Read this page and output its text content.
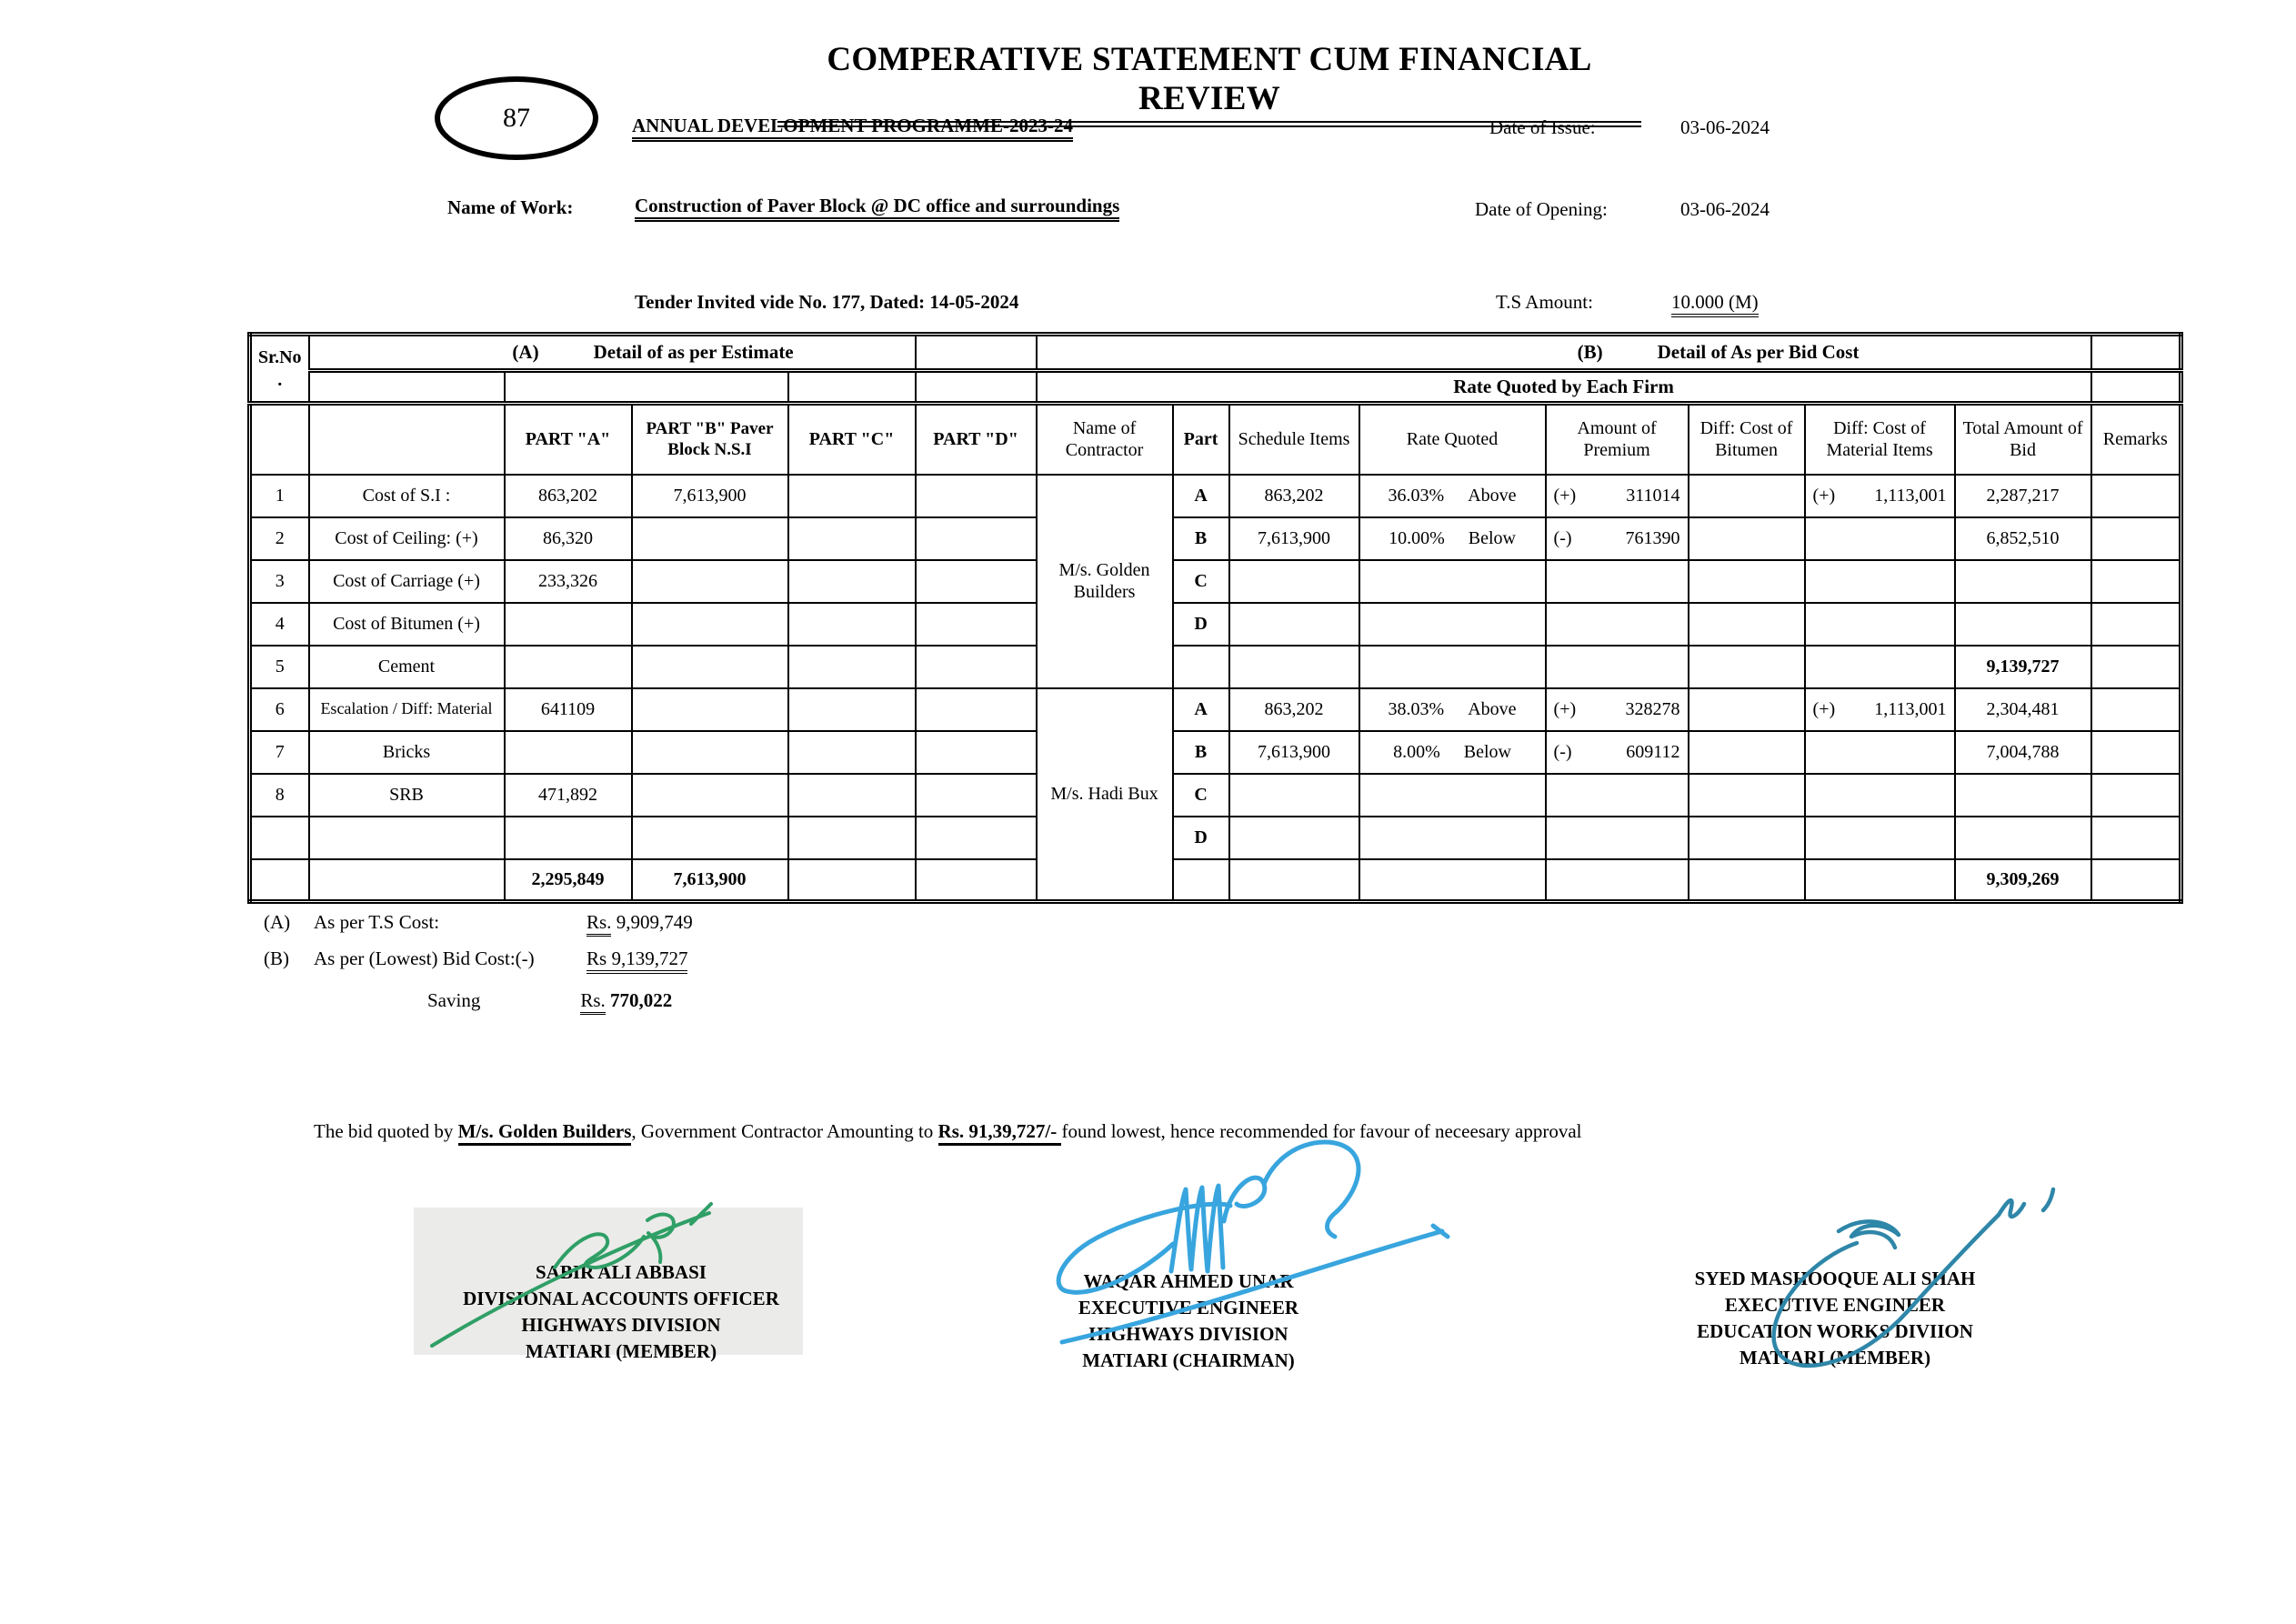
87
COMPERATIVE STATEMENT CUM FINANCIAL REVIEW
ANNUAL DEVELOPMENT PROGRAMME-2023-24	Date of Issue:	03-06-2024
Name of Work:	Construction of Paver Block @ DC office and surroundings	Date of Opening:	03-06-2024
Tender Invited vide No. 177, Dated: 14-05-2024	T.S Amount:	10.000 (M)
Sr.No
.	(A) Detail of as per Estimate					(B) Detail of As per Bid Cost								
						Rate Quoted by Each Firm								
		PART "A"	PART "B" Paver Block N.S.I	PART "C"	PART "D"	Name of Contractor	Part	Schedule Items	Rate Quoted	Amount of Premium	Diff: Cost of Bitumen	Diff: Cost of Material Items	Total Amount of Bid	Remarks
1	Cost of S.I :	863,202	7,613,900			M/s. Golden Builders	A	863,202	36.03% Above	(+) 311014		(+) 1,113,001	2,287,217	
2	Cost of Ceiling: (+)	86,320					B	7,613,900	10.00% Below	(-) 761390			6,852,510	
3	Cost of Carriage (+)	233,326					C							
4	Cost of Bitumen (+)						D							
5	Cement												9,139,727	
6	Escalation / Diff: Material	641109				M/s. Hadi Bux	A	863,202	38.03% Above	(+) 328278		(+) 1,113,001	2,304,481	
7	Bricks						B	7,613,900	8.00% Below	(-) 609112			7,004,788	
8	SRB	471,892					C							
							D							
		2,295,849	7,613,900										9,309,269	
(A) As per T.S Cost:	Rs. 9,909,749
(B) As per (Lowest) Bid Cost:(-)	Rs 9,139,727
Saving	Rs. 770,022
The bid quoted by M/s. Golden Builders, Government Contractor Amounting to Rs. 91,39,727/- found lowest, hence recommended for favour of neceesary approval
SABIR ALI ABBASI
DIVISIONAL ACCOUNTS OFFICER
HIGHWAYS DIVISION
MATIARI (MEMBER)
WAQAR AHMED UNAR
EXECUTIVE ENGINEER
HIGHWAYS DIVISION
MATIARI (CHAIRMAN)
SYED MASHOOQUE ALI SHAH
EXECUTIVE ENGINEER
EDUCATION WORKS DIVIION
MATIARI (MEMBER)
